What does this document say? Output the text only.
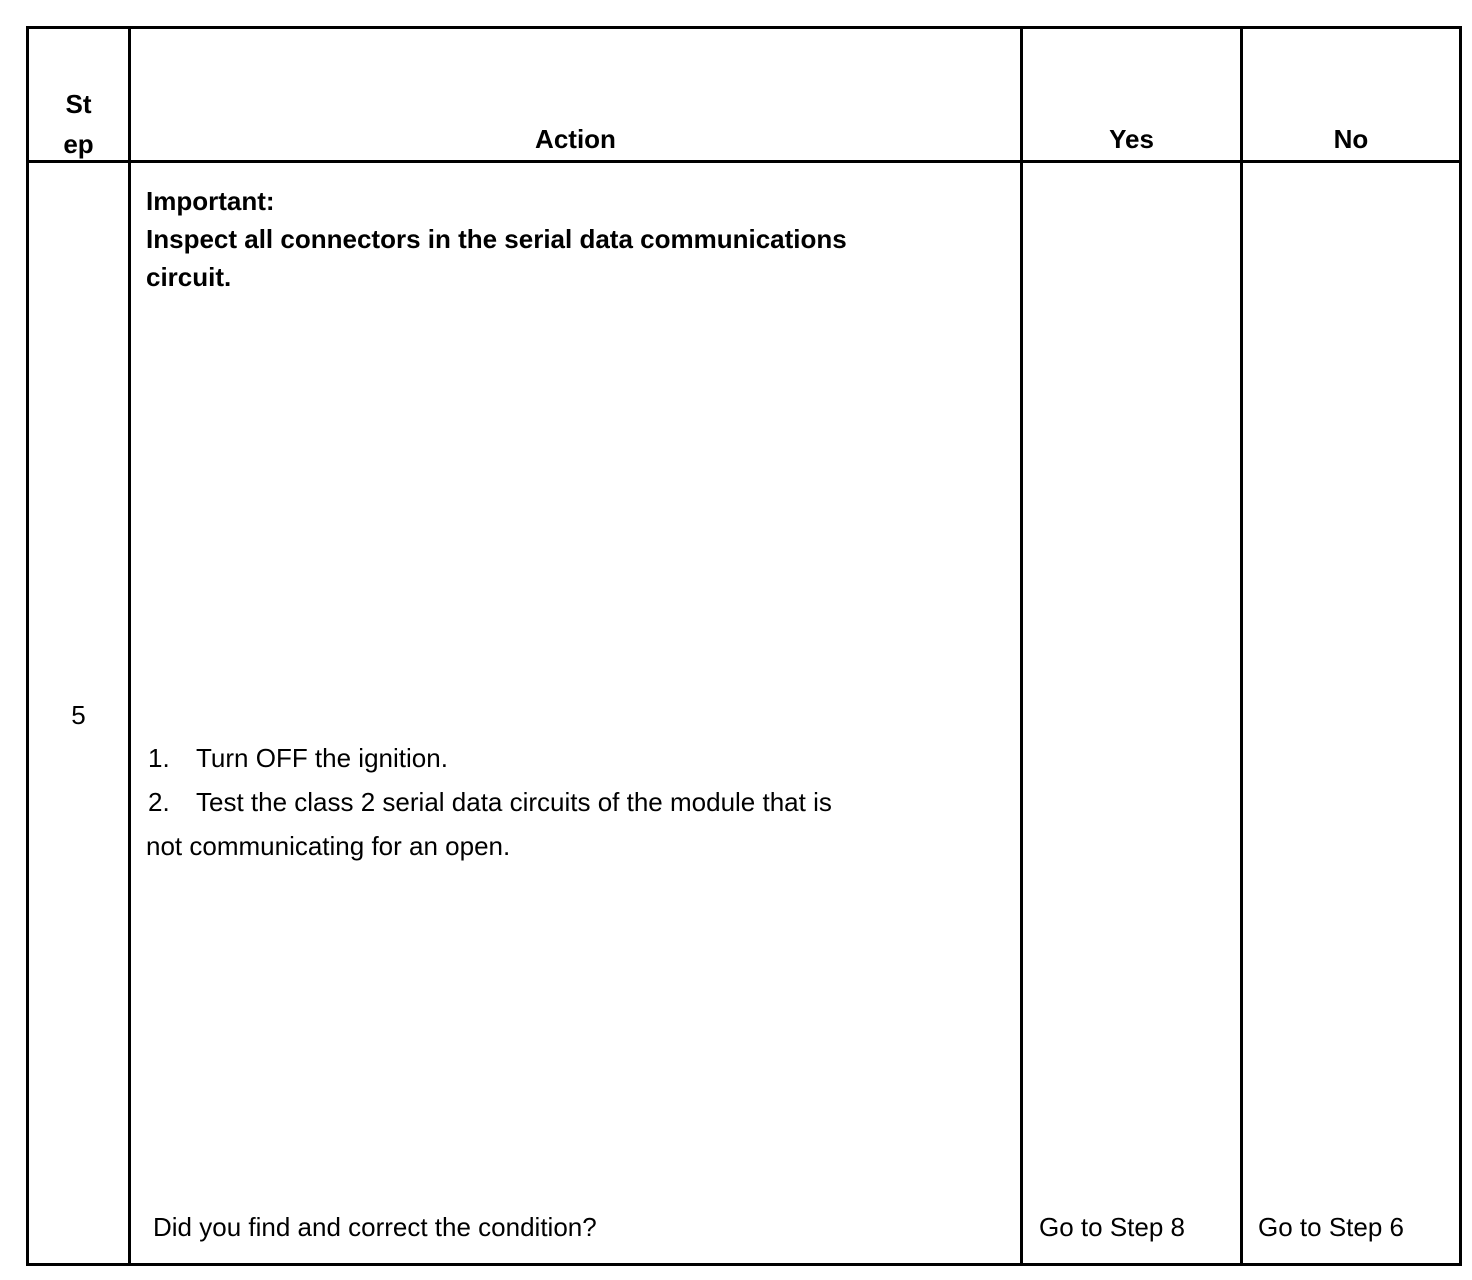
St
ep	Action	Yes	No
5
Important:
Inspect all connectors in the serial data communications
circuit.
1. Turn OFF the ignition.
2. Test the class 2 serial data circuits of the module that is
not communicating for an open.
Did you find and correct the condition?	Go to Step 8	Go to Step 6
